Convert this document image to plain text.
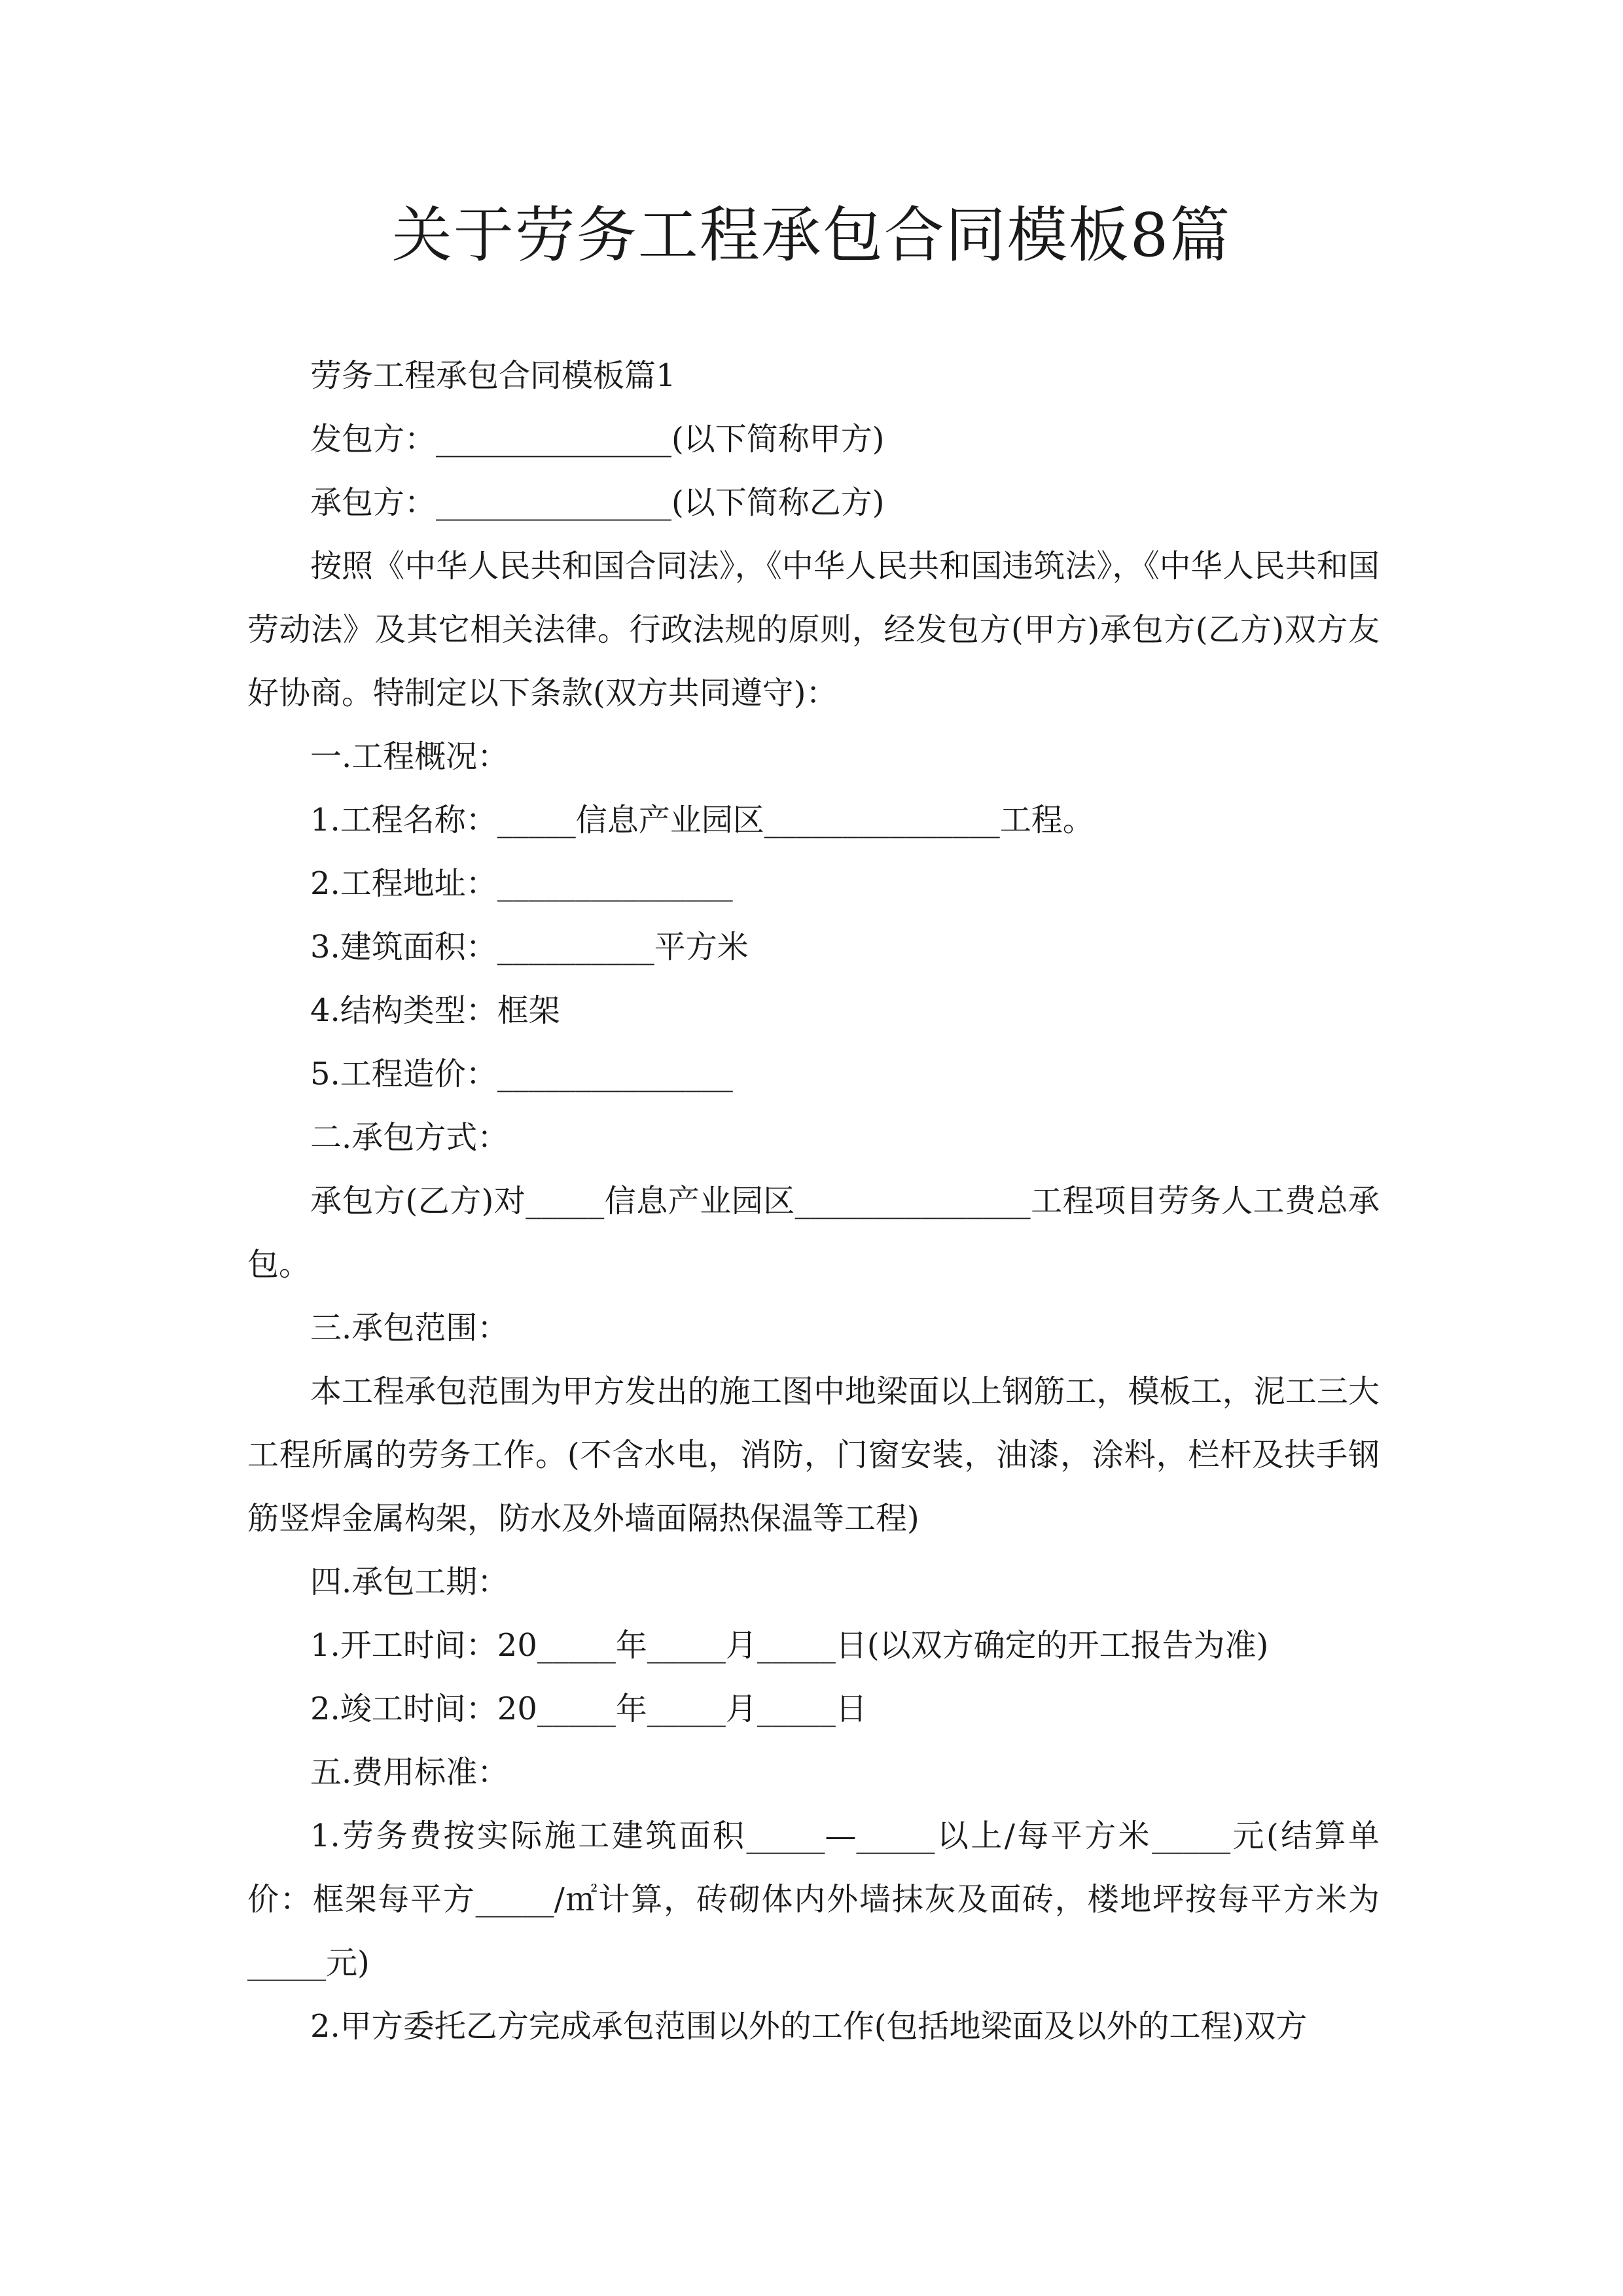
关于劳务工程承包合同模板8篇

劳务工程承包合同模板篇1

发包方：_______________(以下简称甲方)

承包方：_______________(以下简称乙方)

按照《中华人民共和国合同法》，《中华人民共和国违筑法》，《中华人民共和国劳动法》及其它相关法律。行政法规的原则，经发包方(甲方)承包方(乙方)双方友好协商。特制定以下条款(双方共同遵守)：

一.工程概况：

1.工程名称：_____信息产业园区_______________工程。

2.工程地址：_______________

3.建筑面积：__________平方米

4.结构类型：框架

5.工程造价：_______________

二.承包方式：

承包方(乙方)对_____信息产业园区_______________工程项目劳务人工费总承包。

三.承包范围：

本工程承包范围为甲方发出的施工图中地梁面以上钢筋工，模板工，泥工三大工程所属的劳务工作。(不含水电，消防，门窗安装，油漆，涂料，栏杆及扶手钢筋竖焊金属构架，防水及外墙面隔热保温等工程)

四.承包工期：

1.开工时间：20_____年_____月_____日(以双方确定的开工报告为准)

2.竣工时间：20_____年_____月_____日

五.费用标准：

1.劳务费按实际施工建筑面积_____—_____以上/每平方米_____元(结算单价：框架每平方_____/㎡计算，砖砌体内外墙抹灰及面砖，楼地坪按每平方米为_____元)

2.甲方委托乙方完成承包范围以外的工作(包括地梁面及以外的工程)双方
